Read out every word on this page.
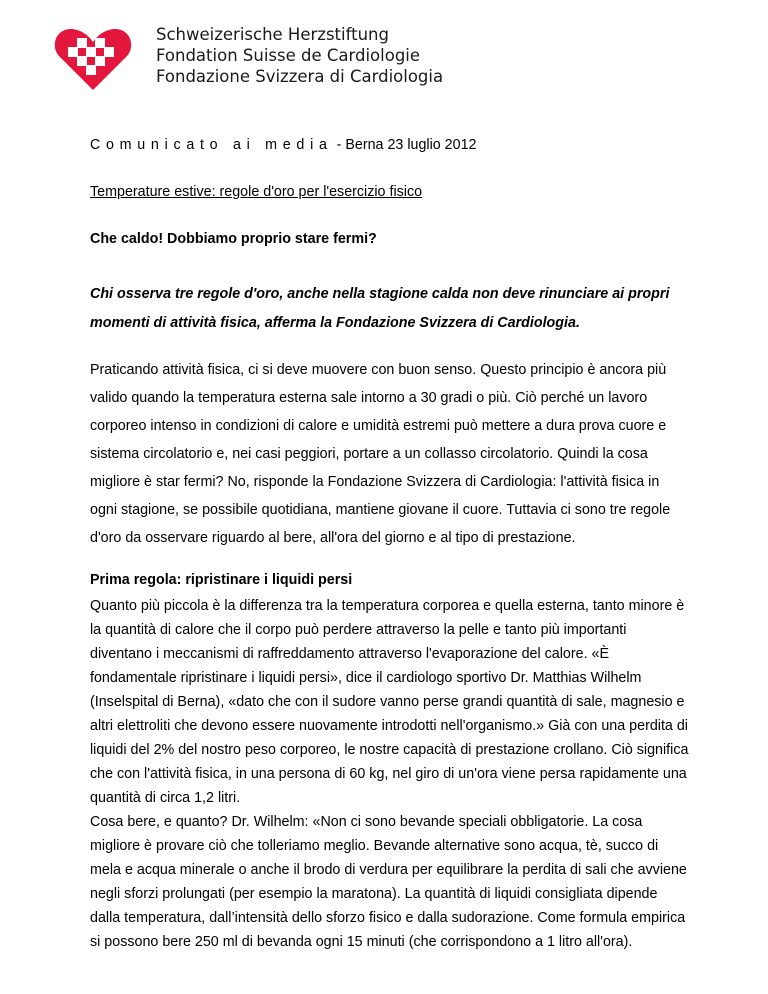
Schweizerische Herzstiftung
Fondation Suisse de Cardiologie
Fondazione Svizzera di Cardiologia

Comunicato ai media - Berna 23 luglio 2012

Temperature estive: regole d'oro per l'esercizio fisico

Che caldo! Dobbiamo proprio stare fermi?

Chi osserva tre regole d'oro, anche nella stagione calda non deve rinunciare ai propri momenti di attività fisica, afferma la Fondazione Svizzera di Cardiologia.

Praticando attività fisica, ci si deve muovere con buon senso. Questo principio è ancora più valido quando la temperatura esterna sale intorno a 30 gradi o più. Ciò perché un lavoro corporeo intenso in condizioni di calore e umidità estremi può mettere a dura prova cuore e sistema circolatorio e, nei casi peggiori, portare a un collasso circolatorio. Quindi la cosa migliore è star fermi? No, risponde la Fondazione Svizzera di Cardiologia: l'attività fisica in ogni stagione, se possibile quotidiana, mantiene giovane il cuore. Tuttavia ci sono tre regole d'oro da osservare riguardo al bere, all'ora del giorno e al tipo di prestazione.

Prima regola: ripristinare i liquidi persi

Quanto più piccola è la differenza tra la temperatura corporea e quella esterna, tanto minore è la quantità di calore che il corpo può perdere attraverso la pelle e tanto più importanti diventano i meccanismi di raffreddamento attraverso l'evaporazione del calore. «È fondamentale ripristinare i liquidi persi», dice il cardiologo sportivo Dr. Matthias Wilhelm (Inselspital di Berna), «dato che con il sudore vanno perse grandi quantità di sale, magnesio e altri elettroliti che devono essere nuovamente introdotti nell'organismo.» Già con una perdita di liquidi del 2% del nostro peso corporeo, le nostre capacità di prestazione crollano. Ciò significa che con l'attività fisica, in una persona di 60 kg, nel giro di un'ora viene persa rapidamente una quantità di circa 1,2 litri.

Cosa bere, e quanto? Dr. Wilhelm: «Non ci sono bevande speciali obbligatorie. La cosa migliore è provare ciò che tolleriamo meglio. Bevande alternative sono acqua, tè, succo di mela e acqua minerale o anche il brodo di verdura per equilibrare la perdita di sali che avviene negli sforzi prolungati (per esempio la maratona). La quantità di liquidi consigliata dipende dalla temperatura, dall’intensità dello sforzo fisico e dalla sudorazione. Come formula empirica si possono bere 250 ml di bevanda ogni 15 minuti (che corrispondono a 1 litro all'ora).
